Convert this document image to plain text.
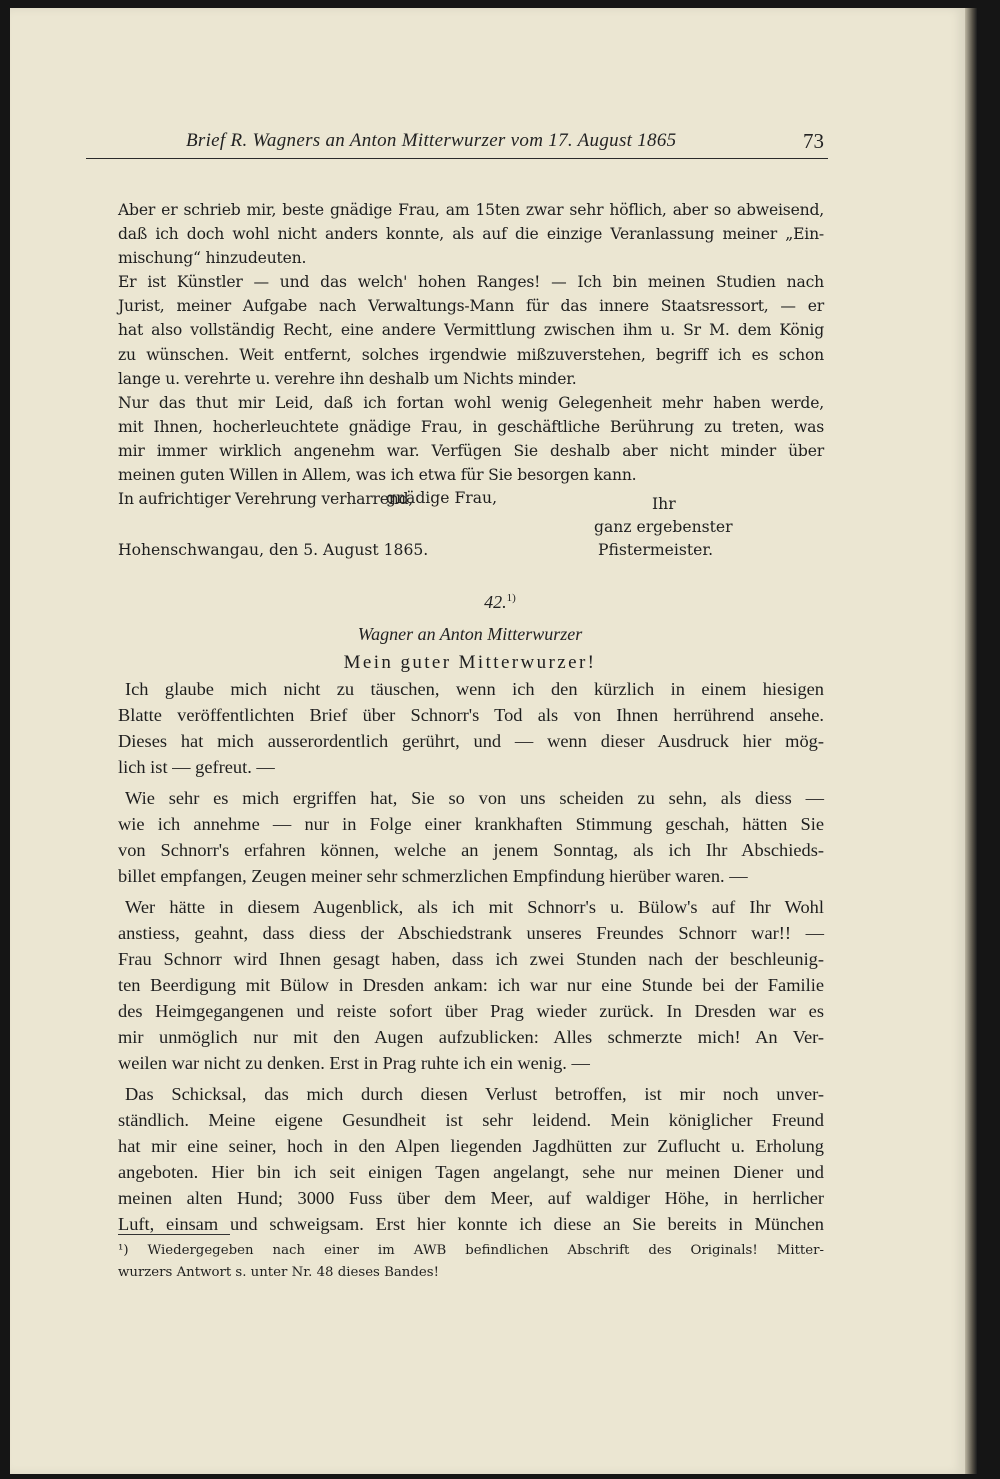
Brief R. Wagners an Anton Mitterwurzer vom 17. August 1865	73
Aber er schrieb mir, beste gnädige Frau, am 15ten zwar sehr höflich, aber so abweisend,
daß ich doch wohl nicht anders konnte, als auf die einzige Veranlassung meiner „Ein-
mischung“ hinzudeuten.
Er ist Künstler — und das welch' hohen Ranges! — Ich bin meinen Studien nach
Jurist, meiner Aufgabe nach Verwaltungs-Mann für das innere Staatsressort, — er
hat also vollständig Recht, eine andere Vermittlung zwischen ihm u. Sr M. dem König
zu wünschen. Weit entfernt, solches irgendwie mißzuverstehen, begriff ich es schon
lange u. verehrte u. verehre ihn deshalb um Nichts minder.
Nur das thut mir Leid, daß ich fortan wohl wenig Gelegenheit mehr haben werde,
mit Ihnen, hocherleuchtete gnädige Frau, in geschäftliche Berührung zu treten, was
mir immer wirklich angenehm war. Verfügen Sie deshalb aber nicht minder über
meinen guten Willen in Allem, was ich etwa für Sie besorgen kann.
In aufrichtiger Verehrung verharrend,
gnädige Frau,	Ihr
ganz ergebenster
Hohenschwangau, den 5. August 1865.	Pfistermeister.
42.$^{1)}$
Wagner an Anton Mitterwurzer
Mein guter Mitterwurzer!
Ich glaube mich nicht zu täuschen, wenn ich den kürzlich in einem hiesigen
Blatte veröffentlichten Brief über Schnorr's Tod als von Ihnen herrührend ansehe.
Dieses hat mich ausserordentlich gerührt, und — wenn dieser Ausdruck hier mög-
lich ist — gefreut. —
Wie sehr es mich ergriffen hat, Sie so von uns scheiden zu sehn, als diess —
wie ich annehme — nur in Folge einer krankhaften Stimmung geschah, hätten Sie
von Schnorr's erfahren können, welche an jenem Sonntag, als ich Ihr Abschieds-
billet empfangen, Zeugen meiner sehr schmerzlichen Empfindung hierüber waren. —
Wer hätte in diesem Augenblick, als ich mit Schnorr's u. Bülow's auf Ihr Wohl
anstiess, geahnt, dass diess der Abschiedstrank unseres Freundes Schnorr war!! —
Frau Schnorr wird Ihnen gesagt haben, dass ich zwei Stunden nach der beschleunig-
ten Beerdigung mit Bülow in Dresden ankam: ich war nur eine Stunde bei der Familie
des Heimgegangenen und reiste sofort über Prag wieder zurück. In Dresden war es
mir unmöglich nur mit den Augen aufzublicken: Alles schmerzte mich! An Ver-
weilen war nicht zu denken. Erst in Prag ruhte ich ein wenig. —
Das Schicksal, das mich durch diesen Verlust betroffen, ist mir noch unver-
ständlich. Meine eigene Gesundheit ist sehr leidend. Mein königlicher Freund
hat mir eine seiner, hoch in den Alpen liegenden Jagdhütten zur Zuflucht u. Erholung
angeboten. Hier bin ich seit einigen Tagen angelangt, sehe nur meinen Diener und
meinen alten Hund; 3000 Fuss über dem Meer, auf waldiger Höhe, in herrlicher
Luft, einsam und schweigsam. Erst hier konnte ich diese an Sie bereits in München
¹) Wiedergegeben nach einer im AWB befindlichen Abschrift des Originals! Mitter-
wurzers Antwort s. unter Nr. 48 dieses Bandes!
